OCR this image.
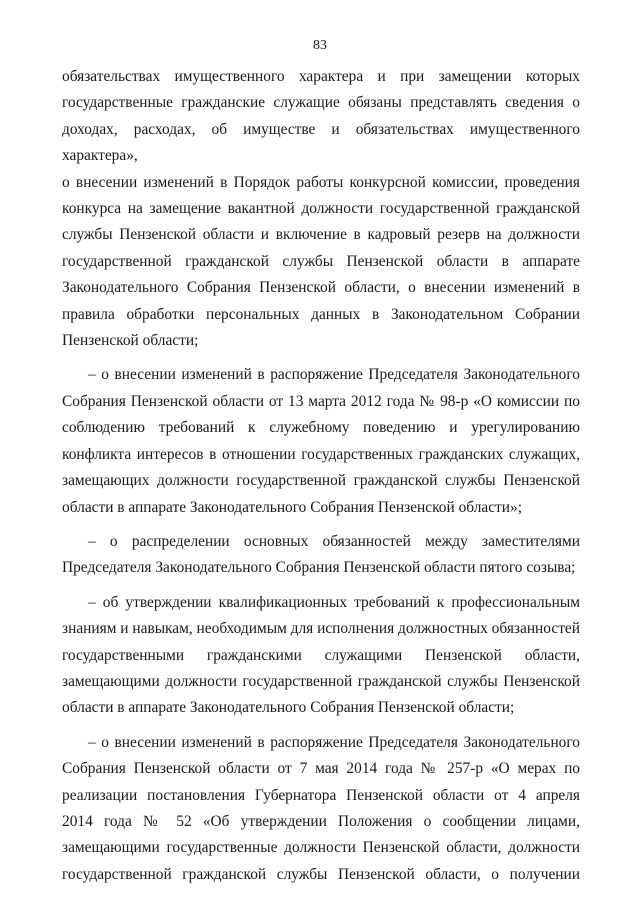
83
обязательствах имущественного характера и при замещении которых
государственные гражданские служащие обязаны представлять сведения о
доходах, расходах, об имуществе и обязательствах имущественного характера»,
о внесении изменений в Порядок работы конкурсной комиссии, проведения
конкурса на замещение вакантной должности государственной гражданской
службы Пензенской области и включение в кадровый резерв на должности
государственной гражданской службы Пензенской области в аппарате
Законодательного Собрания Пензенской области, о внесении изменений в
правила обработки персональных данных в Законодательном Собрании
Пензенской области;
– о внесении изменений в распоряжение Председателя Законодательного
Собрания Пензенской области от 13 марта 2012 года № 98-р «О комиссии по
соблюдению требований к служебному поведению и урегулированию
конфликта интересов в отношении государственных гражданских служащих,
замещающих должности государственной гражданской службы Пензенской
области в аппарате Законодательного Собрания Пензенской области»;
– о распределении основных обязанностей между заместителями
Председателя Законодательного Собрания Пензенской области пятого созыва;
– об утверждении квалификационных требований к профессиональным
знаниям и навыкам, необходимым для исполнения должностных обязанностей
государственными гражданскими служащими Пензенской области,
замещающими должности государственной гражданской службы Пензенской
области в аппарате Законодательного Собрания Пензенской области;
– о внесении изменений в распоряжение Председателя Законодательного
Собрания Пензенской области от 7 мая 2014 года № 257-р «О мерах по
реализации постановления Губернатора Пензенской области от 4 апреля
2014 года № 52 «Об утверждении Положения о сообщении лицами,
замещающими государственные должности Пензенской области, должности
государственной гражданской службы Пензенской области, о получении
